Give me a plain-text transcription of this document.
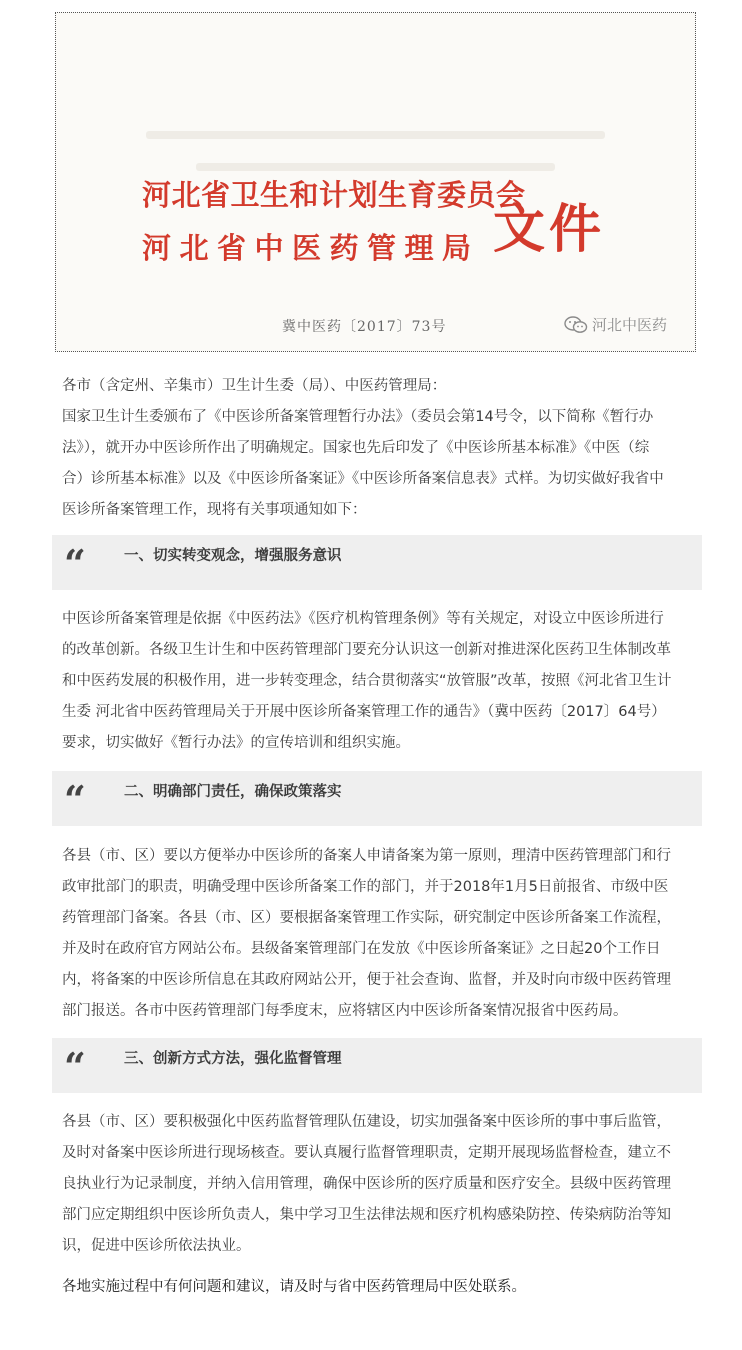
河北省卫生和计划生育委员会
河北省中医药管理局 文件
冀中医药〔2017〕73号	河北中医药
各市（含定州、辛集市）卫生计生委（局）、中医药管理局：
国家卫生计生委颁布了《中医诊所备案管理暂行办法》（委员会第14号令，以下简称《暂行办
法》），就开办中医诊所作出了明确规定。国家也先后印发了《中医诊所基本标准》《中医（综
合）诊所基本标准》以及《中医诊所备案证》《中医诊所备案信息表》式样。为切实做好我省中
医诊所备案管理工作，现将有关事项通知如下：
“	一、切实转变观念，增强服务意识
中医诊所备案管理是依据《中医药法》《医疗机构管理条例》等有关规定，对设立中医诊所进行
的改革创新。各级卫生计生和中医药管理部门要充分认识这一创新对推进深化医药卫生体制改革
和中医药发展的积极作用，进一步转变理念，结合贯彻落实“放管服”改革，按照《河北省卫生计
生委 河北省中医药管理局关于开展中医诊所备案管理工作的通告》（冀中医药〔2017〕64号）
要求，切实做好《暂行办法》的宣传培训和组织实施。
“	二、明确部门责任，确保政策落实
各县（市、区）要以方便举办中医诊所的备案人申请备案为第一原则，理清中医药管理部门和行
政审批部门的职责，明确受理中医诊所备案工作的部门，并于2018年1月5日前报省、市级中医
药管理部门备案。各县（市、区）要根据备案管理工作实际，研究制定中医诊所备案工作流程，
并及时在政府官方网站公布。县级备案管理部门在发放《中医诊所备案证》之日起20个工作日
内，将备案的中医诊所信息在其政府网站公开，便于社会查询、监督，并及时向市级中医药管理
部门报送。各市中医药管理部门每季度末，应将辖区内中医诊所备案情况报省中医药局。
“	三、创新方式方法，强化监督管理
各县（市、区）要积极强化中医药监督管理队伍建设，切实加强备案中医诊所的事中事后监管，
及时对备案中医诊所进行现场核查。要认真履行监督管理职责，定期开展现场监督检查，建立不
良执业行为记录制度，并纳入信用管理，确保中医诊所的医疗质量和医疗安全。县级中医药管理
部门应定期组织中医诊所负责人，集中学习卫生法律法规和医疗机构感染防控、传染病防治等知
识，促进中医诊所依法执业。
各地实施过程中有何问题和建议，请及时与省中医药管理局中医处联系。
